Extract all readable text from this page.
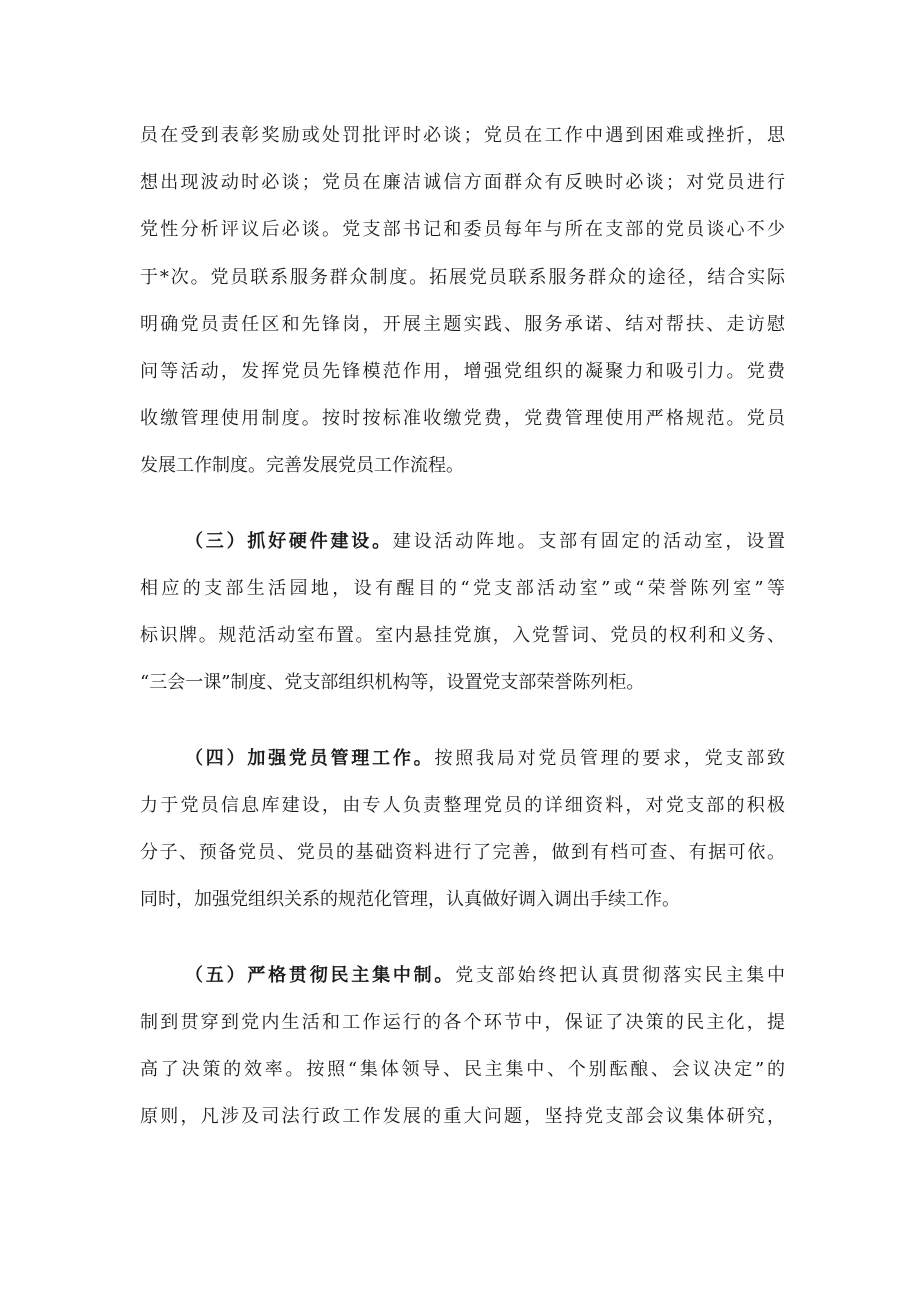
员在受到表彰奖励或处罚批评时必谈；党员在工作中遇到困难或挫折，思
想出现波动时必谈；党员在廉洁诚信方面群众有反映时必谈；对党员进行
党性分析评议后必谈。党支部书记和委员每年与所在支部的党员谈心不少
于*次。党员联系服务群众制度。拓展党员联系服务群众的途径，结合实际
明确党员责任区和先锋岗，开展主题实践、服务承诺、结对帮扶、走访慰
问等活动，发挥党员先锋模范作用，增强党组织的凝聚力和吸引力。党费
收缴管理使用制度。按时按标准收缴党费，党费管理使用严格规范。党员
发展工作制度。完善发展党员工作流程。
（三）抓好硬件建设。建设活动阵地。支部有固定的活动室，设置
相应的支部生活园地，设有醒目的“党支部活动室”或“荣誉陈列室”等
标识牌。规范活动室布置。室内悬挂党旗，入党誓词、党员的权利和义务、
“三会一课”制度、党支部组织机构等，设置党支部荣誉陈列柜。
（四）加强党员管理工作。按照我局对党员管理的要求，党支部致
力于党员信息库建设，由专人负责整理党员的详细资料，对党支部的积极
分子、预备党员、党员的基础资料进行了完善，做到有档可查、有据可依。
同时，加强党组织关系的规范化管理，认真做好调入调出手续工作。
（五）严格贯彻民主集中制。党支部始终把认真贯彻落实民主集中
制到贯穿到党内生活和工作运行的各个环节中，保证了决策的民主化，提
高了决策的效率。按照“集体领导、民主集中、个别酝酿、会议决定”的
原则，凡涉及司法行政工作发展的重大问题，坚持党支部会议集体研究，
